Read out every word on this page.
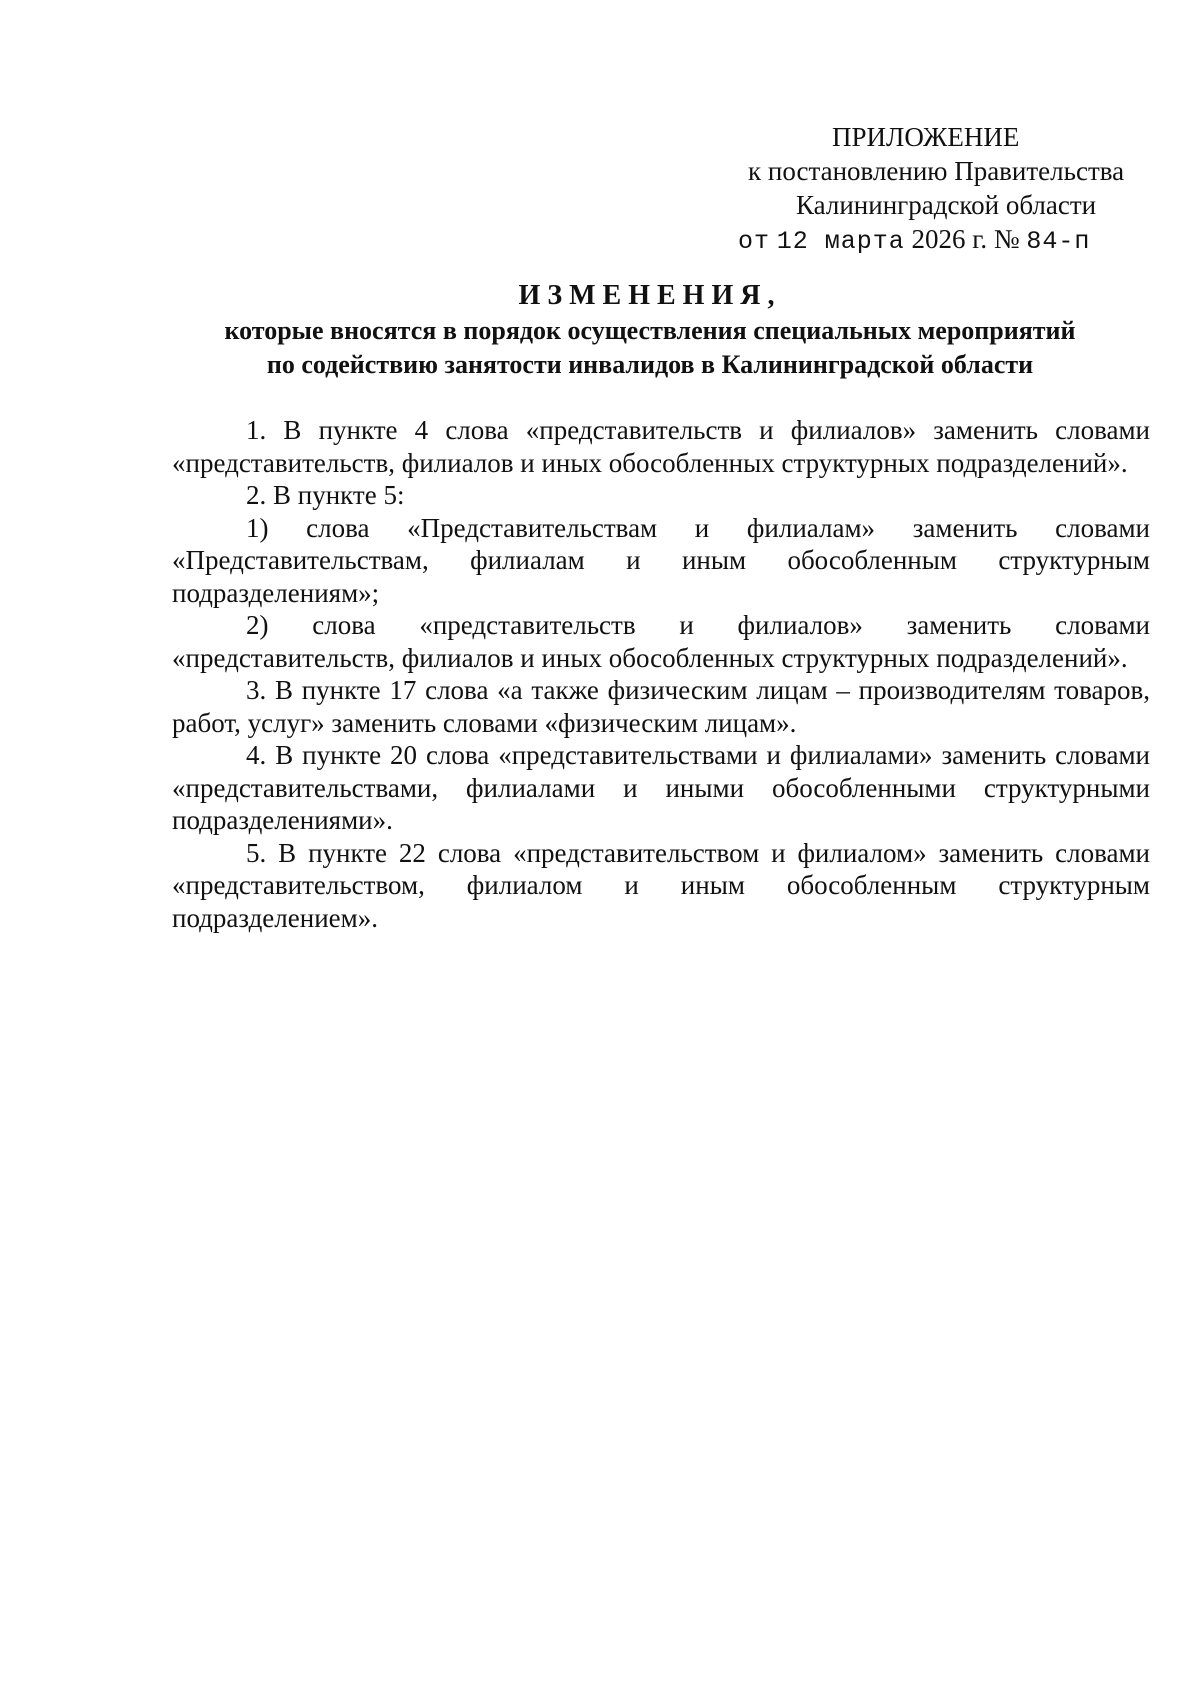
ПРИЛОЖЕНИЕ
к постановлению Правительства
Калининградской области
от 12 марта 2026 г. № 84-п
ИЗМЕНЕНИЯ,
которые вносятся в порядок осуществления специальных мероприятий
по содействию занятости инвалидов в Калининградской области

1. В пункте 4 слова «представительств и филиалов» заменить словами «представительств, филиалов и иных обособленных структурных подразделений».

2. В пункте 5:

1) слова «Представительствам и филиалам» заменить словами «Представительствам, филиалам и иным обособленным структурным подразделениям»;

2) слова «представительств и филиалов» заменить словами «представительств, филиалов и иных обособленных структурных подразделений».

3. В пункте 17 слова «а также физическим лицам – производителям товаров, работ, услуг» заменить словами «физическим лицам».

4. В пункте 20 слова «представительствами и филиалами» заменить словами «представительствами, филиалами и иными обособленными структурными подразделениями».

5. В пункте 22 слова «представительством и филиалом» заменить словами «представительством, филиалом и иным обособленным структурным подразделением».
